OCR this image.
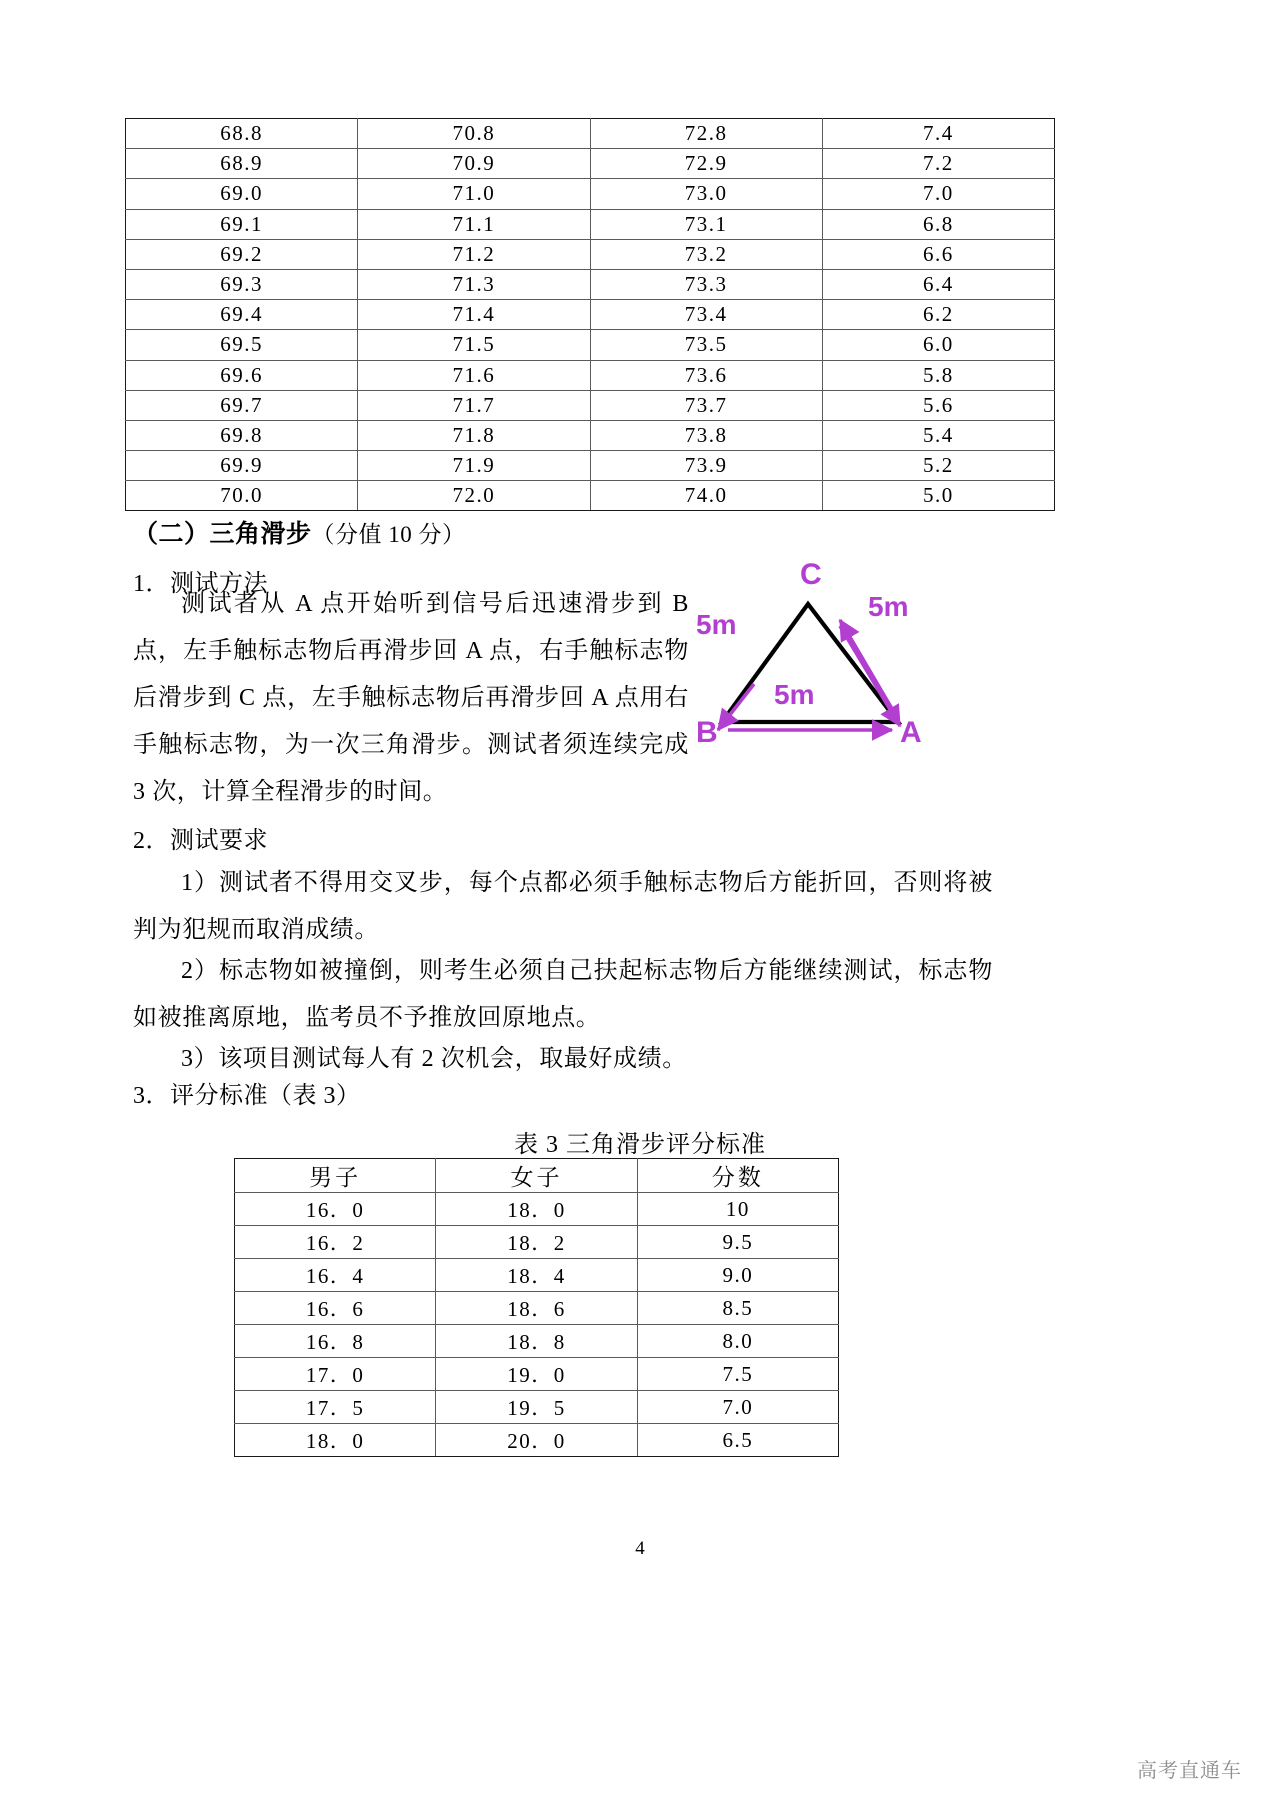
68.8	70.8	72.8	7.4
68.9	70.9	72.9	7.2
69.0	71.0	73.0	7.0
69.1	71.1	73.1	6.8
69.2	71.2	73.2	6.6
69.3	71.3	73.3	6.4
69.4	71.4	73.4	6.2
69.5	71.5	73.5	6.0
69.6	71.6	73.6	5.8
69.7	71.7	73.7	5.6
69.8	71.8	73.8	5.4
69.9	71.9	73.9	5.2
70.0	72.0	74.0	5.0
（二）三角滑步（分值 10 分）
1．测试方法
测试者从 A 点开始听到信号后迅速滑步到 B 点，左手触标志物后再滑步回 A 点，右手触标志物后滑步到 C 点，左手触标志物后再滑步回 A 点用右手触标志物，为一次三角滑步。测试者须连续完成 3 次，计算全程滑步的时间。
C
B	A
5m
5m
5m
2．测试要求
1）测试者不得用交叉步，每个点都必须手触标志物后方能折回，否则将被判为犯规而取消成绩。
2）标志物如被撞倒，则考生必须自己扶起标志物后方能继续测试，标志物如被推离原地，监考员不予推放回原地点。
3）该项目测试每人有 2 次机会，取最好成绩。
3．评分标准（表 3）
表 3 三角滑步评分标准
男子	女子	分数
16．0	18．0	10
16．2	18．2	9.5
16．4	18．4	9.0
16．6	18．6	8.5
16．8	18．8	8.0
17．0	19．0	7.5
17．5	19．5	7.0
18．0	20．0	6.5
4
高考直通车
